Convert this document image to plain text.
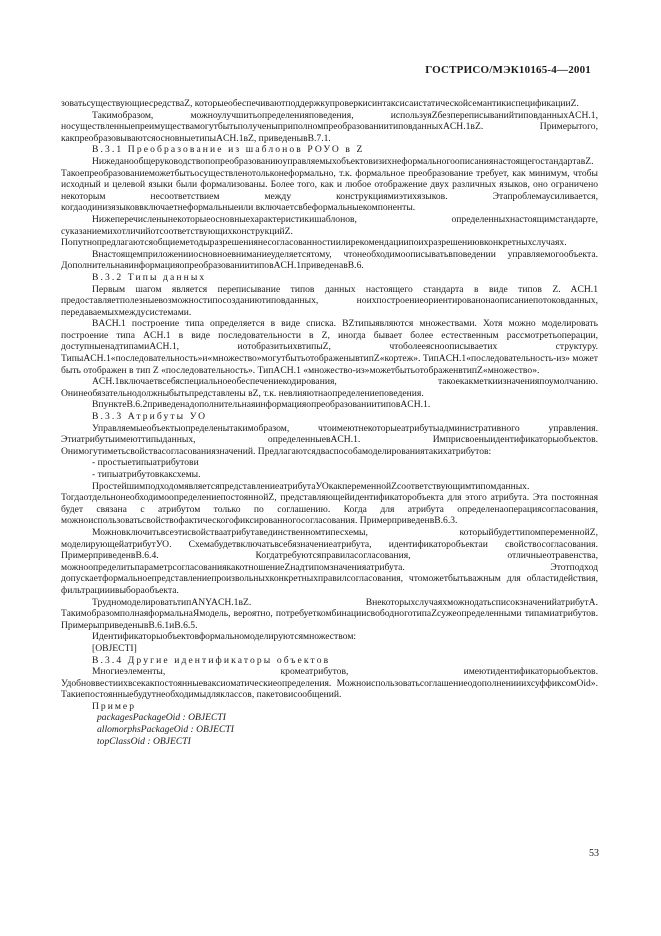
ГОСТРИСО/МЭК10165-4—2001

зоватьсуществующиесредстваZ, которыеобеспечиваютподдержкупроверкисинтаксисаистатическойсемантикиспецификацииZ.

Такимобразом, можноулучшитьопределенияповедения, используяZбезпереписыванийтиповданныхACH.1, носуществленныепреимуществамогутбытьполученыприполномпреобразованиитиповданныхACH.1вZ. Примерытого, какпреобразовываютсяосновныетипыACH.1вZ, приведенывВ.7.1.

В.3.1 Преобразование из шаблонов РОУО в Z

НижеданообщеруководствопопреобразованиюуправляемыхобъектовизихнеформальногоописаниянастоящегостандартавZ. Такоепреобразованиеможетбытьосуществленотольконеформально, т.к. формальное преобразование требует, как минимум, чтобы исходный и целевой языки были формализованы. Более того, как и любое отображение двух различных языков, оно ограничено некоторым несоответствием между конструкциямиэтихязыков. Этапроблемаусиливается, когдаодинизязыковвключаетнеформальныеили включаетсвбеформальныекомпоненты.

Нижеперечисленынекоторыеосновныехарактеристикишаблонов, определенныхнастоящимстандарте, суказаниемихотличийотсоответствующихконструкцийZ. Попутнопредлагаютсяобщиеметодыразрешениянесогласованностиилирекомендациипоихразрешениювконкретныхслучаях.

Внастоящемприложенииосновноевниманиеуделяетсятому, чтонеобходимоописыватьвповедении управляемогообъекта. ДополнительнаяинформацияопреобразованиитиповACH.1приведенавВ.6.

В.3.2 Типы данных

Первым шагом является переписывание типов данных настоящего стандарта в виде типов Z. ACH.1 предоставляетполезныевозможностипосозданиютиповданных, ноихпостроениеориентированонаописаниепотоковданных, передаваемыхмеждусистемами.

ВACH.1 построение типа определяется в виде списка. ВZтипыявляются множествами. Хотя можно моделировать построение типа ACH.1 в виде последовательности в Z, иногда бывает более естественным рассмотретьоперации, доступныенадтипамиACH.1, иотобразитьихвтипыZ, чтоболееясноописываетих структуру. ТипыACH.1«последовательность»и«множество»могутбытьотображенывтипZ«кортеж». ТипACH.1«последовательность-из» может быть отображен в тип Z «последовательность». ТипACH.1 «множество-из»можетбытьотображенвтипZ«множество».

ACH.1включаетвсебяспециальноеобеспечениекодирования, такоекакметкиизначенияпоумолчанию. Онинеобязательнодолжныбытьпредставлены вZ, т.к. невлияютнаопределениеповедения.

ВпунктеВ.6.2приведенадополнительнаяинформацияопреобразованиитиповACH.1.

В.3.3 Атрибуты УО

Управляемыеобъектыопределенытакимобразом, чтоимеютнекоторыеатрибутыадминистративного управления. Этиатрибутыимеюттипыданных, определенныевACH.1. Имприсвоеныидентификаторыобъектов. Онимогутиметьсвойствасогласованиязначений. Предлагаютсядваспособамоделированиятакихатрибутов:

- простыетипыатрибутови

- типыатрибутовкаксхемы.

ПростейшимподходомявляетсяпредставлениеатрибутаУОкакпеременнойZсоответствующимтипомданных. ТогдаотдельнонеобходимоопределениепостояннойZ, представляющейидентификаторобъекта для этого атрибута. Эта постоянная будет связана с атрибутом только по соглашению. Когда для атрибута определенаоперациясогласования, можноиспользоватьсвойствофактическогофиксированногосогласования. ПримерприведенвВ.6.3.

Можновключитьвсеэтисвойстваатрибутавединственномтипесхемы, которыйбудеттипомпеременнойZ, моделирующейатрибутУО. Схемабудетвключатьвсебязначениеатрибута, идентификаторобъектаи свойствосогласования. ПримерприведенвВ.6.4. Когдатребуютсяправиласогласования, отличныеотравенства, можноопределитьпараметрсогласованиякакотношениеZнадтипомзначенияатрибута. Этотподход допускаетформальноепредставлениепроизвольныхконкретныхправилсогласования, чтоможетбытьважным для областидействия, фильтрацииивыбораобъекта.

ТрудномоделироватьтипANYACH.1вZ. ВнекоторыхслучаяхможнодатьсписокзначенийатрибутA. ТакимобразомполнаяформальнаЯмодель, вероятно, потребуеткомбинациисвободноготипаZсужеопределенными типамиатрибутов. ПримерыприведенывВ.6.1иВ.6.5.

Идентификаторыобъектовформальномоделируютсямножеством:

[OBJECTI]

В.3.4 Другие идентификаторы объектов

Многиеэлементы, кромеатрибутов, имеютидентификаторыобъектов. Удобноввестиихвсекакпостоянныевaксиоматическиеопределения. МожноиспользоватьсоглашениеодополненииихсуффиксомОid». Такиепостоянныебудутнеобходимыдляклассов, пакетовисообщений.

Пример

packagesPackageOid : OBJECTI

allomorphsPackageOid : OBJECTI

topClassOid : OBJECTI

53
